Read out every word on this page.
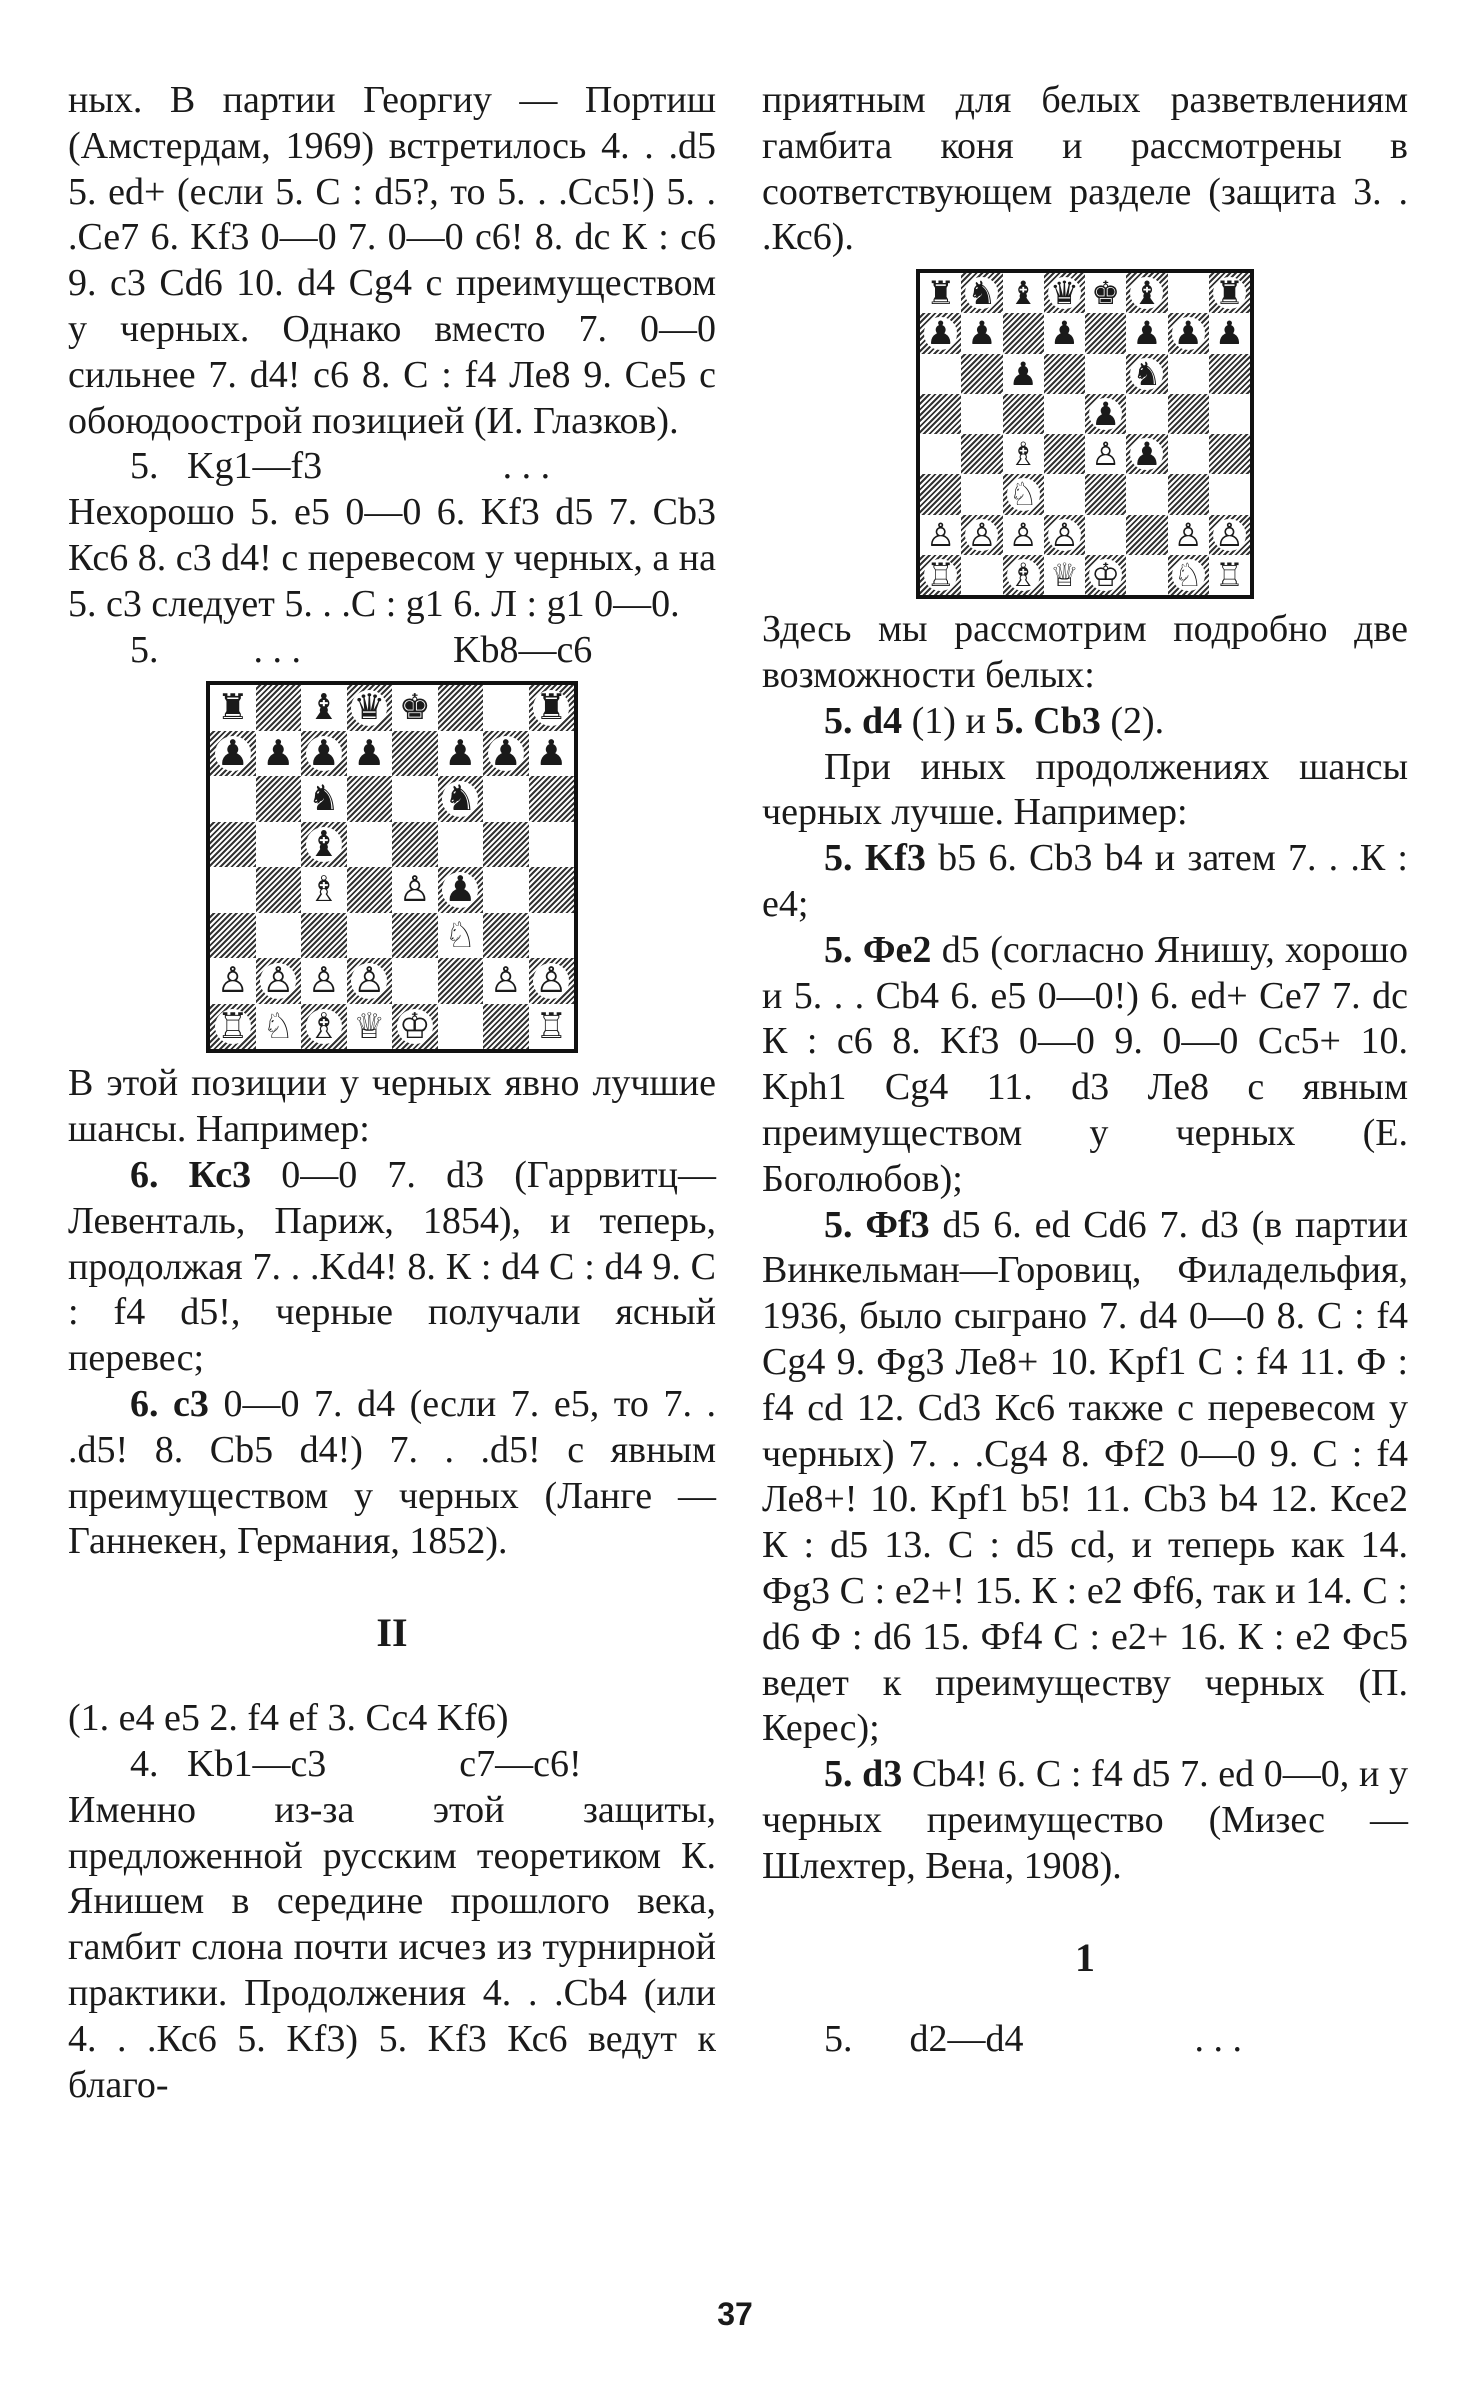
ных. В партии Георгиу — Портиш (Амстердам, 1969) встретилось 4. . .d5 5. ed+ (если 5. С : d5?, то 5. . .Сс5!) 5. . .Се7 6. Kf3 0—0 7. 0—0 с6! 8. dc К : с6 9. с3 Cd6 10. d4 Cg4 с преимуществом у черных. Однако вместо 7. 0—0 сильнее 7. d4! с6 8. С : f4 Ле8 9. Се5 с обоюдоострой позицией (И. Глазков).

5.   Kg1—f3                   . . .

Нехорошо 5. е5 0—0 6. Kf3 d5 7. Cb3 Кс6 8. с3 d4! с перевесом у черных, а на 5. с3 следует 5. . .С : g1 6. Л : g1 0—0.

5.          . . .                Kb8—c6

♜ ♝ ♛ ♚	♜
♟ ♟ ♟ ♟ ♟ ♟ ♟
♞	♞
♝
♗ ♙ ♟
♘
♙ ♙ ♙ ♙	♙ ♙
♖ ♘ ♗ ♕ ♔	♖

В этой позиции у черных явно лучшие шансы. Например:

6. Кс3 0—0 7. d3 (Гаррвитц—Левенталь, Париж, 1854), и теперь, продолжая 7. . .Kd4! 8. К : d4 С : d4 9. С : f4 d5!, черные получали ясный перевес;

6. с3 0—0 7. d4 (если 7. е5, то 7. . .d5! 8. Cb5 d4!) 7. . .d5! с явным преимуществом у черных (Ланге — Ганнекен, Германия, 1852).

II

(1. е4 е5 2. f4 ef 3. Сс4 Kf6)

4.   Kb1—c3              с7—с6!

Именно из-за этой защиты, предложенной русским теоретиком К. Янишем в середине прошлого века, гамбит слона почти исчез из турнирной практики. Продолжения 4. . .Cb4 (или 4. . .Кс6 5. Kf3) 5. Kf3 Кс6 ведут к благо-

приятным для белых разветвлениям гамбита коня и рассмотрены в соответствующем разделе (защита 3. . .Кс6).

♜ ♞ ♝ ♛ ♚ ♝ ♜
♟ ♟ ♟ ♟ ♟ ♟
♟	♞
♟
♗ ♙ ♟
♘
♙ ♙ ♙ ♙	♙ ♙
♖ ♗ ♕ ♔ ♘ ♖

Здесь мы рассмотрим подробно две возможности белых:

5. d4 (1) и 5. Cb3 (2).

При иных продолжениях шансы черных лучше. Например:

5. Kf3 b5 6. Cb3 b4 и затем 7. . .К : е4;

5. Фе2 d5 (согласно Янишу, хорошо и 5. . . Cb4 6. е5 0—0!) 6. ed+ Се7 7. dc К : с6 8. Kf3 0—0 9. 0—0 Сс5+ 10. Kph1 Cg4 11. d3 Ле8 с явным преимуществом у черных (Е. Боголюбов);

5. Фf3 d5 6. ed Cd6 7. d3 (в партии Винкельман—Горовиц, Филадельфия, 1936, было сыграно 7. d4 0—0 8. С : f4 Cg4 9. Фg3 Ле8+ 10. Kpf1 C : f4 11. Ф : f4 cd 12. Cd3 Кс6 также с перевесом у черных) 7. . .Cg4 8. Фf2 0—0 9. С : f4 Ле8+! 10. Kpf1 b5! 11. Cb3 b4 12. Ксе2 К : d5 13. С : d5 cd, и теперь как 14. Фg3 С : е2+! 15. К : е2 Фf6, так и 14. С : d6 Ф : d6 15. Фf4 С : е2+ 16. К : е2 Фс5 ведет к преимуществу черных (П. Керес);

5. d3 Cb4! 6. С : f4 d5 7. ed 0—0, и у черных преимущество (Мизес — Шлехтер, Вена, 1908).

1

5.      d2—d4                  . . .

37
